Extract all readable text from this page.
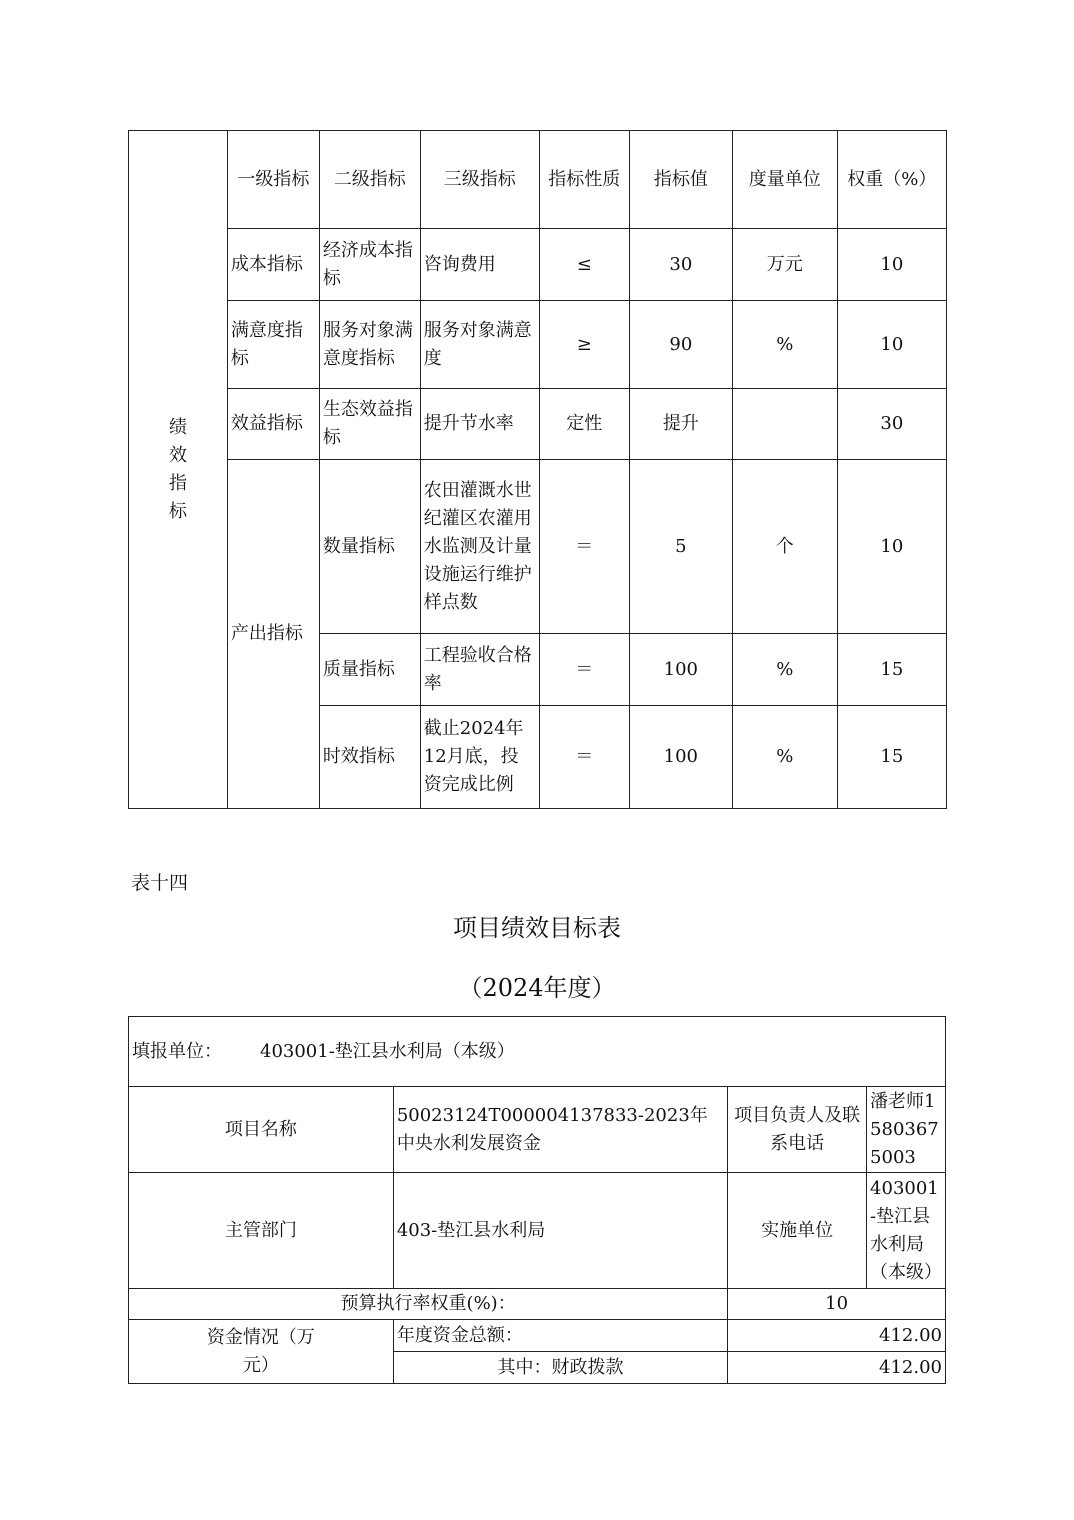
绩效指标	一级指标	二级指标	三级指标	指标性质	指标值	度量单位	权重（%）
	成本指标	经济成本指标	咨询费用	≤	30	万元	10
	满意度指标	服务对象满意度指标	服务对象满意度	≥	90	%	10
	效益指标	生态效益指标	提升节水率	定性	提升		30
	产出指标	数量指标	农田灌溉水世纪灌区农灌用水监测及计量设施运行维护样点数	＝	5	个	10
		质量指标	工程验收合格率	＝	100	%	15
		时效指标	截止2024年12月底，投资完成比例	＝	100	%	15
表十四
项目绩效目标表
（2024年度）
填报单位： 403001-垫江县水利局（本级）			
项目名称	50023124T000004137833-2023年中央水利发展资金	项目负责人及联系电话	潘老师15803675003
主管部门	403-垫江县水利局	实施单位	403001-垫江县水利局（本级）
预算执行率权重(%)：		10	
资金情况（万元）	年度资金总额：	412.00	
	其中：财政拨款	412.00	
